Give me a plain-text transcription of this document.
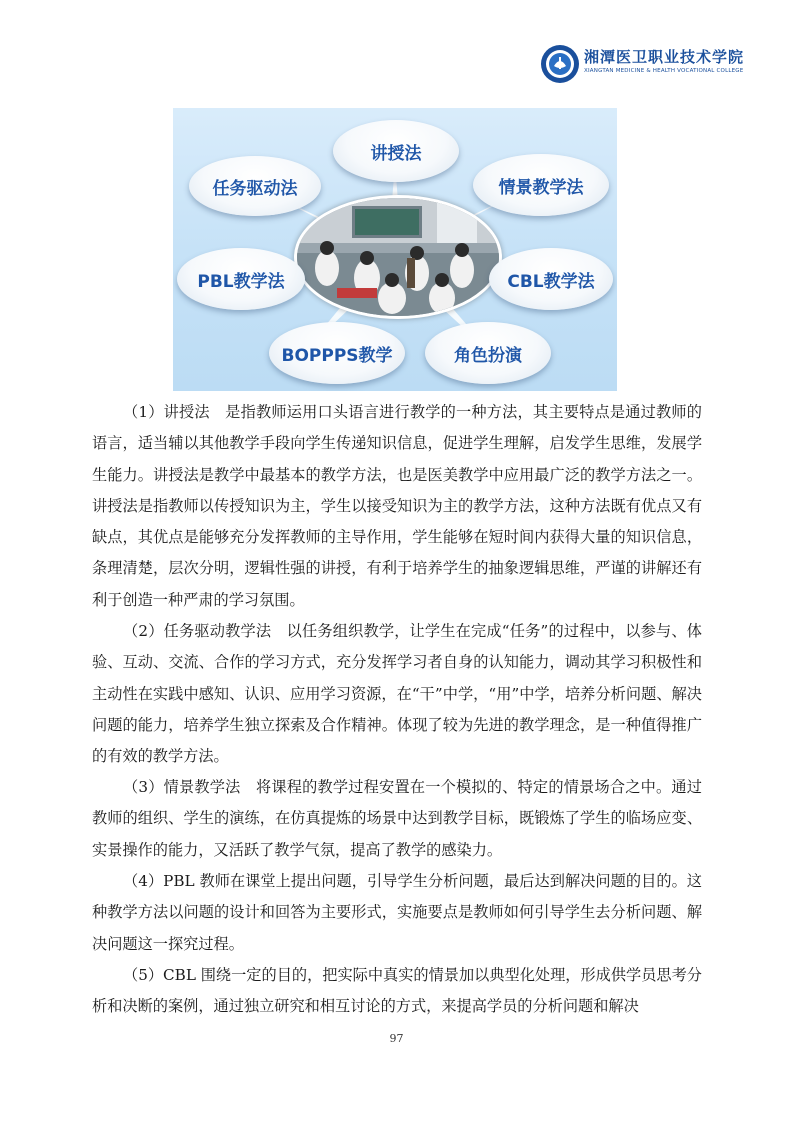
湘潭医卫职业技术学院
XIANGTAN MEDICINE & HEALTH VOCATIONAL COLLEGE
讲授法
任务驱动法	情景教学法
PBL教学法	CBL教学法
BOPPPS教学	角色扮演

（1）讲授法　是指教师运用口头语言进行教学的一种方法，其主要特点是通过教师的语言，适当辅以其他教学手段向学生传递知识信息，促进学生理解，启发学生思维，发展学生能力。讲授法是教学中最基本的教学方法，也是医美教学中应用最广泛的教学方法之一。讲授法是指教师以传授知识为主，学生以接受知识为主的教学方法，这种方法既有优点又有缺点，其优点是能够充分发挥教师的主导作用，学生能够在短时间内获得大量的知识信息，条理清楚，层次分明，逻辑性强的讲授，有利于培养学生的抽象逻辑思维，严谨的讲解还有利于创造一种严肃的学习氛围。

（2）任务驱动教学法　以任务组织教学，让学生在完成“任务”的过程中，以参与、体验、互动、交流、合作的学习方式，充分发挥学习者自身的认知能力，调动其学习积极性和主动性在实践中感知、认识、应用学习资源，在“干”中学，“用”中学，培养分析问题、解决问题的能力，培养学生独立探索及合作精神。体现了较为先进的教学理念，是一种值得推广的有效的教学方法。

（3）情景教学法　将课程的教学过程安置在一个模拟的、特定的情景场合之中。通过教师的组织、学生的演练，在仿真提炼的场景中达到教学目标，既锻炼了学生的临场应变、实景操作的能力，又活跃了教学气氛，提高了教学的感染力。

（4）PBL 教师在课堂上提出问题，引导学生分析问题，最后达到解决问题的目的。这种教学方法以问题的设计和回答为主要形式，实施要点是教师如何引导学生去分析问题、解决问题这一探究过程。

（5）CBL 围绕一定的目的，把实际中真实的情景加以典型化处理，形成供学员思考分析和决断的案例，通过独立研究和相互讨论的方式，来提高学员的分析问题和解决

97
